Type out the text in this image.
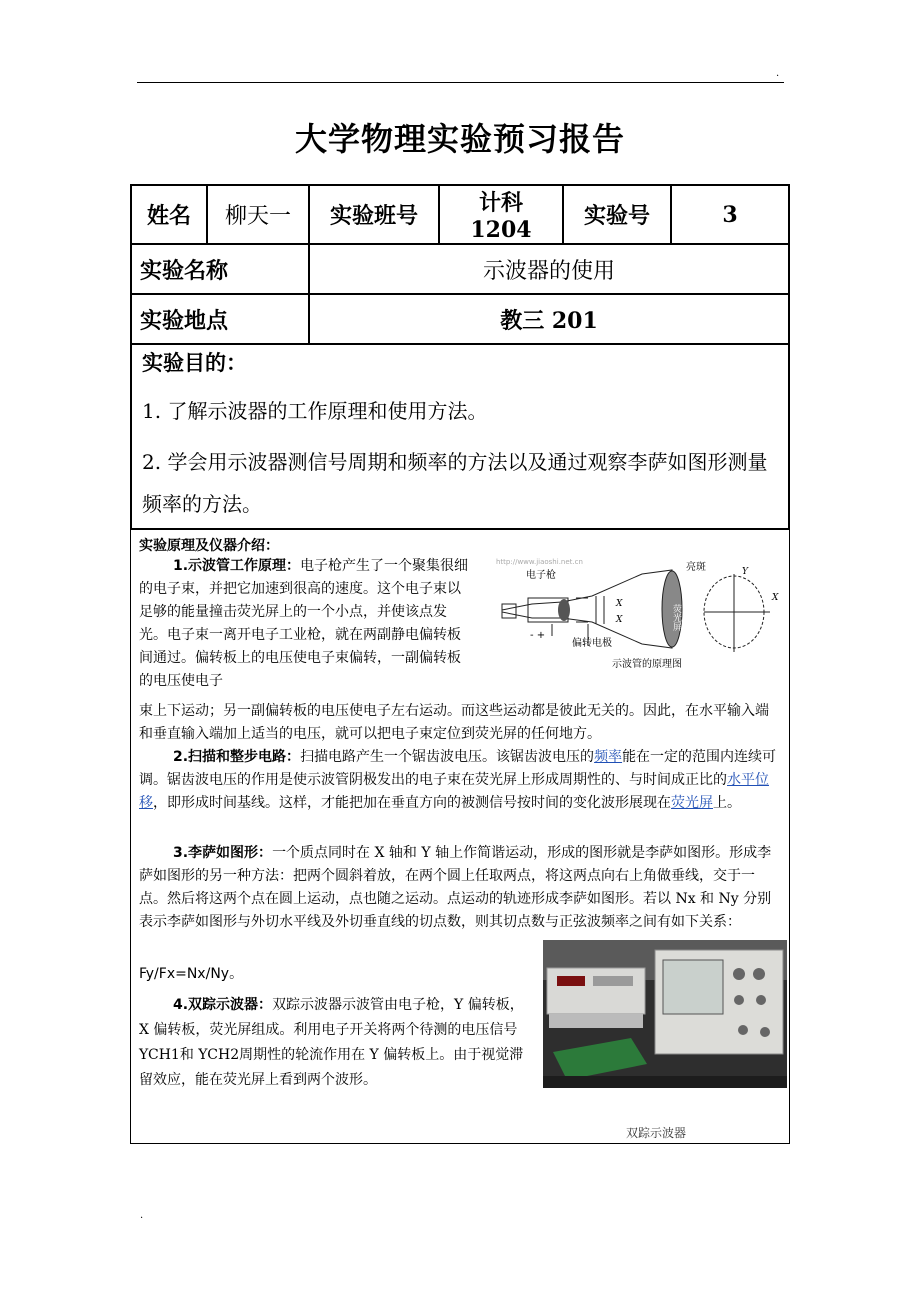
.
大学物理实验预习报告
姓名	柳天一	实验班号	计科 1204	实验号	3
实验名称		示波器的使用			
实验地点		教三 201			
实验目的：
1. 了解示波器的工作原理和使用方法。
2. 学会用示波器测信号周期和频率的方法以及通过观察李萨如图形测量频率的方法。
实验原理及仪器介绍：
1.示波管工作原理：电子枪产生了一个聚集很细的电子束，并把它加速到很高的速度。这个电子束以足够的能量撞击荧光屏上的一个小点，并使该点发光。电子束一离开电子工业枪，就在两副静电偏转板间通过。偏转板上的电压使电子束偏转，一副偏转板的电压使电子
束上下运动；另一副偏转板的电压使电子左右运动。而这些运动都是彼此无关的。因此，在水平输入端和垂直输入端加上适当的电压，就可以把电子束定位到荧光屏的任何地方。
2.扫描和整步电路：扫描电路产生一个锯齿波电压。该锯齿波电压的频率能在一定的范围内连续可调。锯齿波电压的作用是使示波管阴极发出的电子束在荧光屏上形成周期性的、与时间成正比的水平位移，即形成时间基线。这样，才能把加在垂直方向的被测信号按时间的变化波形展现在荧光屏上。
3.李萨如图形：一个质点同时在 X 轴和 Y 轴上作简谐运动，形成的图形就是李萨如图形。形成李萨如图形的另一种方法：把两个圆斜着放，在两个圆上任取两点，将这两点向右上角做垂线，交于一点。然后将这两个点在圆上运动，点也随之运动。点运动的轨迹形成李萨如图形。若以 Nx 和 Ny 分别表示李萨如图形与外切水平线及外切垂直线的切点数，则其切点数与正弦波频率之间有如下关系：
Fy/Fx=Nx/Ny。
4.双踪示波器：双踪示波器示波管由电子枪，Y 偏转板，X 偏转板，荧光屏组成。利用电子开关将两个待测的电压信号 YCH1和 YCH2周期性的轮流作用在 Y 偏转板上。由于视觉滞留效应，能在荧光屏上看到两个波形。
http://www.jiaoshi.net.cn
电子枪
亮斑
X
X	荧光屏
X
Y
- +
偏转电极
示波管的原理图
双踪示波器
.
